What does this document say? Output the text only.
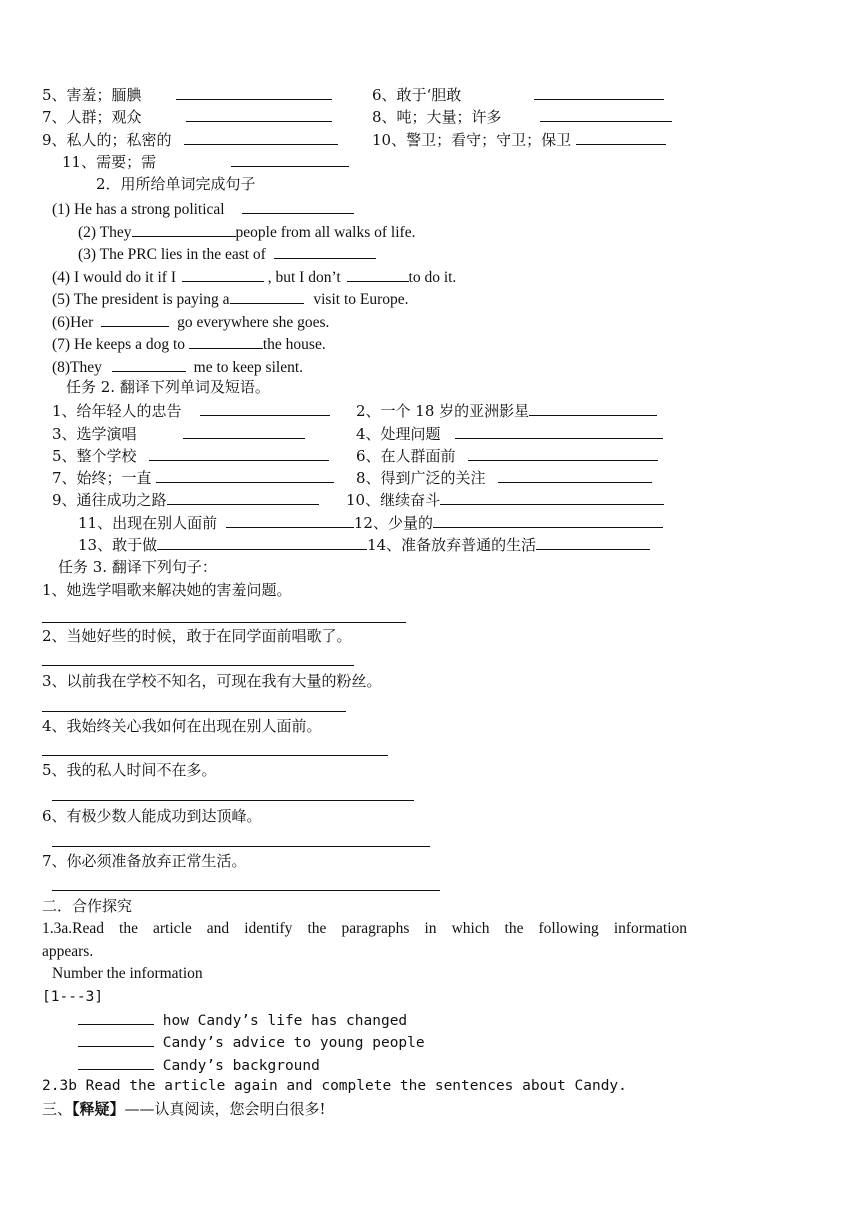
5、害羞；腼腆	6、敢于‘胆敢
7、人群；观众	8、吨；大量；许多
9、私人的；私密的	10、警卫；看守；守卫；保卫
11、需要；需
2．用所给单词完成句子
(1) He has a strong political
(2) They	people from all walks of life.
(3) The PRC lies in the east of
(4) I would do it if I	, but I don’t	to do it.
(5) The president is paying a	visit to Europe.
(6)Her	go everywhere she goes.
(7) He keeps a dog to	the house.
(8)They	me to keep silent.
任务 2. 翻译下列单词及短语。
1、给年轻人的忠告	2、一个 18 岁的亚洲影星
3、选学演唱	4、处理问题
5、整个学校	6、在人群面前
7、始终；一直	8、得到广泛的关注
9、通往成功之路	10、继续奋斗
11、出现在别人面前	12、少量的
13、敢于做	14、准备放弃普通的生活
任务 3. 翻译下列句子：
1、她选学唱歌来解决她的害羞问题。
2、当她好些的时候，敢于在同学面前唱歌了。
3、以前我在学校不知名，可现在我有大量的粉丝。
4、我始终关心我如何在出现在别人面前。
5、我的私人时间不在多。
6、有极少数人能成功到达顶峰。
7、你必须准备放弃正常生活。
二．合作探究
1.3a.Read the article and identify the paragraphs in which the following information
appears.
Number the information
[1---3]
how Candy’s life has changed
Candy’s advice to young people
Candy’s background
2.3b Read the article again and complete the sentences about Candy.
三、【释疑】——认真阅读，您会明白很多!
